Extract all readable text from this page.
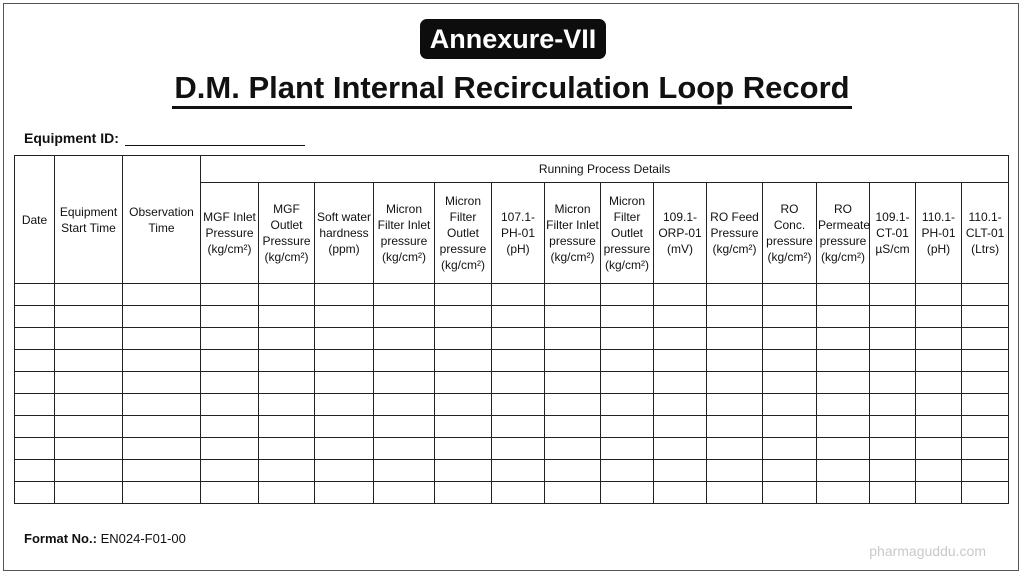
Annexure-VII
D.M. Plant Internal Recirculation Loop Record
Equipment ID:
Date	Equipment Start Time	Observation Time	Running Process Details														
			MGF Inlet Pressure (kg/cm²)	MGF Outlet Pressure (kg/cm²)	Soft water hardness (ppm)	Micron Filter Inlet pressure (kg/cm²)	Micron Filter Outlet pressure (kg/cm²)	107.1-PH-01 (pH)	Micron Filter Inlet pressure (kg/cm²)	Micron Filter Outlet pressure (kg/cm²)	109.1-ORP-01 (mV)	RO Feed Pressure (kg/cm²)	RO Conc. pressure (kg/cm²)	RO Permeate pressure (kg/cm²)	109.1-CT-01 µS/cm	110.1-PH-01 (pH)	110.1-CLT-01 (Ltrs)

Format No.: EN024-F01-00
pharmaguddu.com
